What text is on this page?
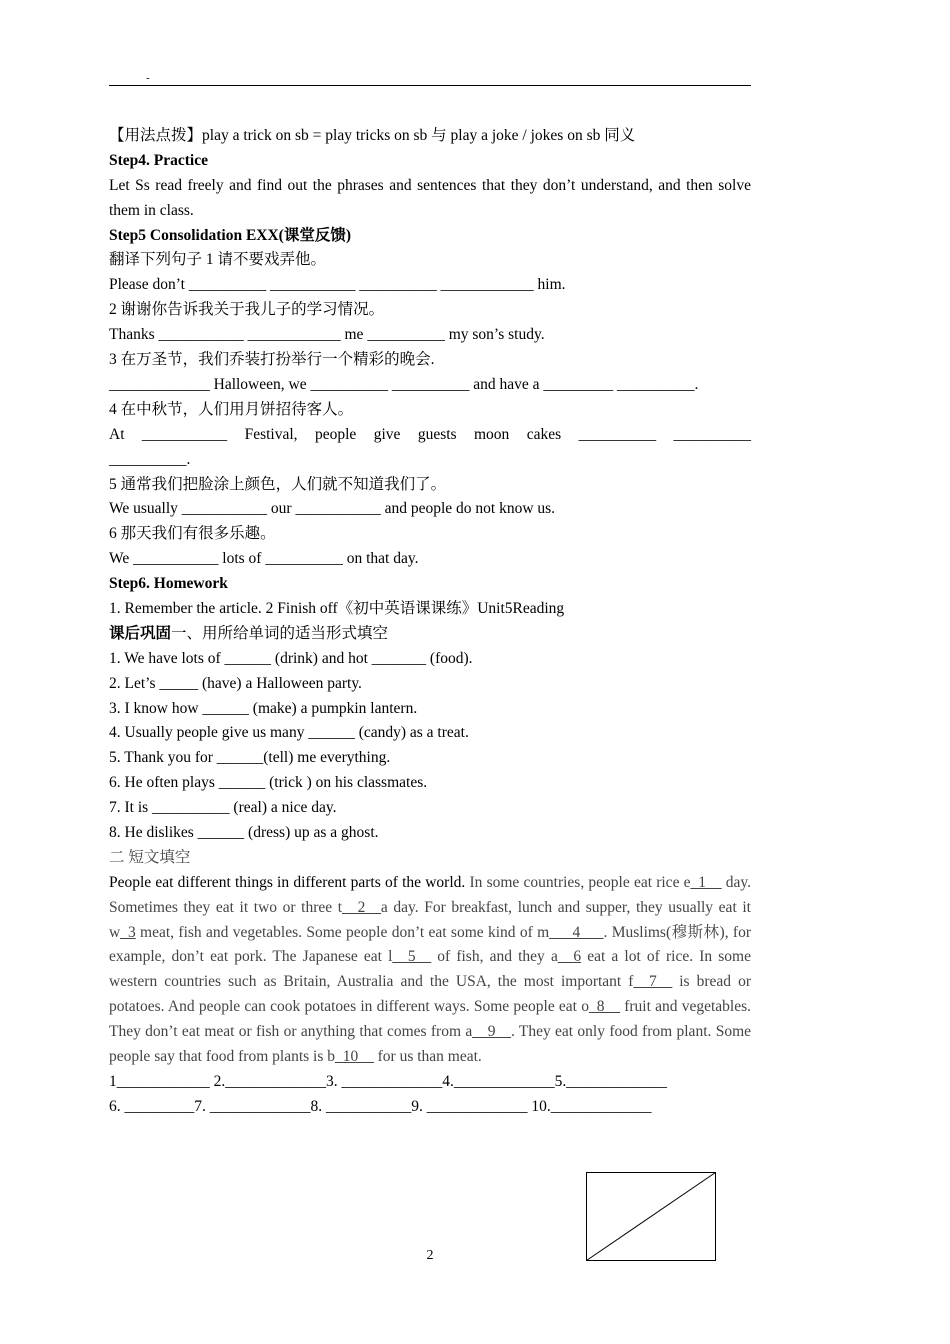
-
【用法点拨】play a trick on sb = play tricks on sb 与 play a joke / jokes on sb 同义
Step4. Practice
Let Ss read freely and find out the phrases and sentences that they don’t understand, and then solve them in class.
Step5 Consolidation EXX(课堂反馈)
翻译下列句子 1 请不要戏弄他。
Please don’t __________ ___________ __________ ____________ him.
2 谢谢你告诉我关于我儿子的学习情况。
Thanks ___________ ____________ me __________ my son’s study.
3 在万圣节，我们乔装打扮举行一个精彩的晚会.
_____________ Halloween, we __________ __________ and have a _________ __________.
4 在中秋节，人们用月饼招待客人。
At ___________ Festival, people give guests moon cakes __________ __________
__________.
5 通常我们把脸涂上颜色，人们就不知道我们了。
We usually ___________ our ___________ and people do not know us.
6 那天我们有很多乐趣。
We ___________ lots of __________ on that day.
Step6. Homework
1. Remember the article. 2 Finish off《初中英语课课练》Unit5Reading
课后巩固一、用所给单词的适当形式填空
1. We have lots of ______ (drink) and hot _______ (food).
2. Let’s _____ (have) a Halloween party.
3. I know how ______ (make) a pumpkin lantern.
4. Usually people give us many ______ (candy) as a treat.
5. Thank you for ______(tell) me everything.
6. He often plays ______ (trick ) on his classmates.
7. It is __________ (real) a nice day.
8. He dislikes ______ (dress) up as a ghost.
二 短文填空
People eat different things in different parts of the world. In some countries, people eat rice e_1__ day. Sometimes they eat it two or three t__2__a day. For breakfast, lunch and supper, they usually eat it w_3 meat, fish and vegetables. Some people don’t eat some kind of m___4___. Muslims(穆斯林), for example, don’t eat pork. The Japanese eat l__5__ of fish, and they a__6 eat a lot of rice. In some western countries such as Britain, Australia and the USA, the most important f__7__ is bread or potatoes. And people can cook potatoes in different ways. Some people eat o_8__ fruit and vegetables. They don’t eat meat or fish or anything that comes from a__9__. They eat only food from plant. Some people say that food from plants is b_10__ for us than meat.
1____________ 2._____________3. _____________4._____________5._____________
6. _________7. _____________8. ___________9. _____________ 10._____________
2
